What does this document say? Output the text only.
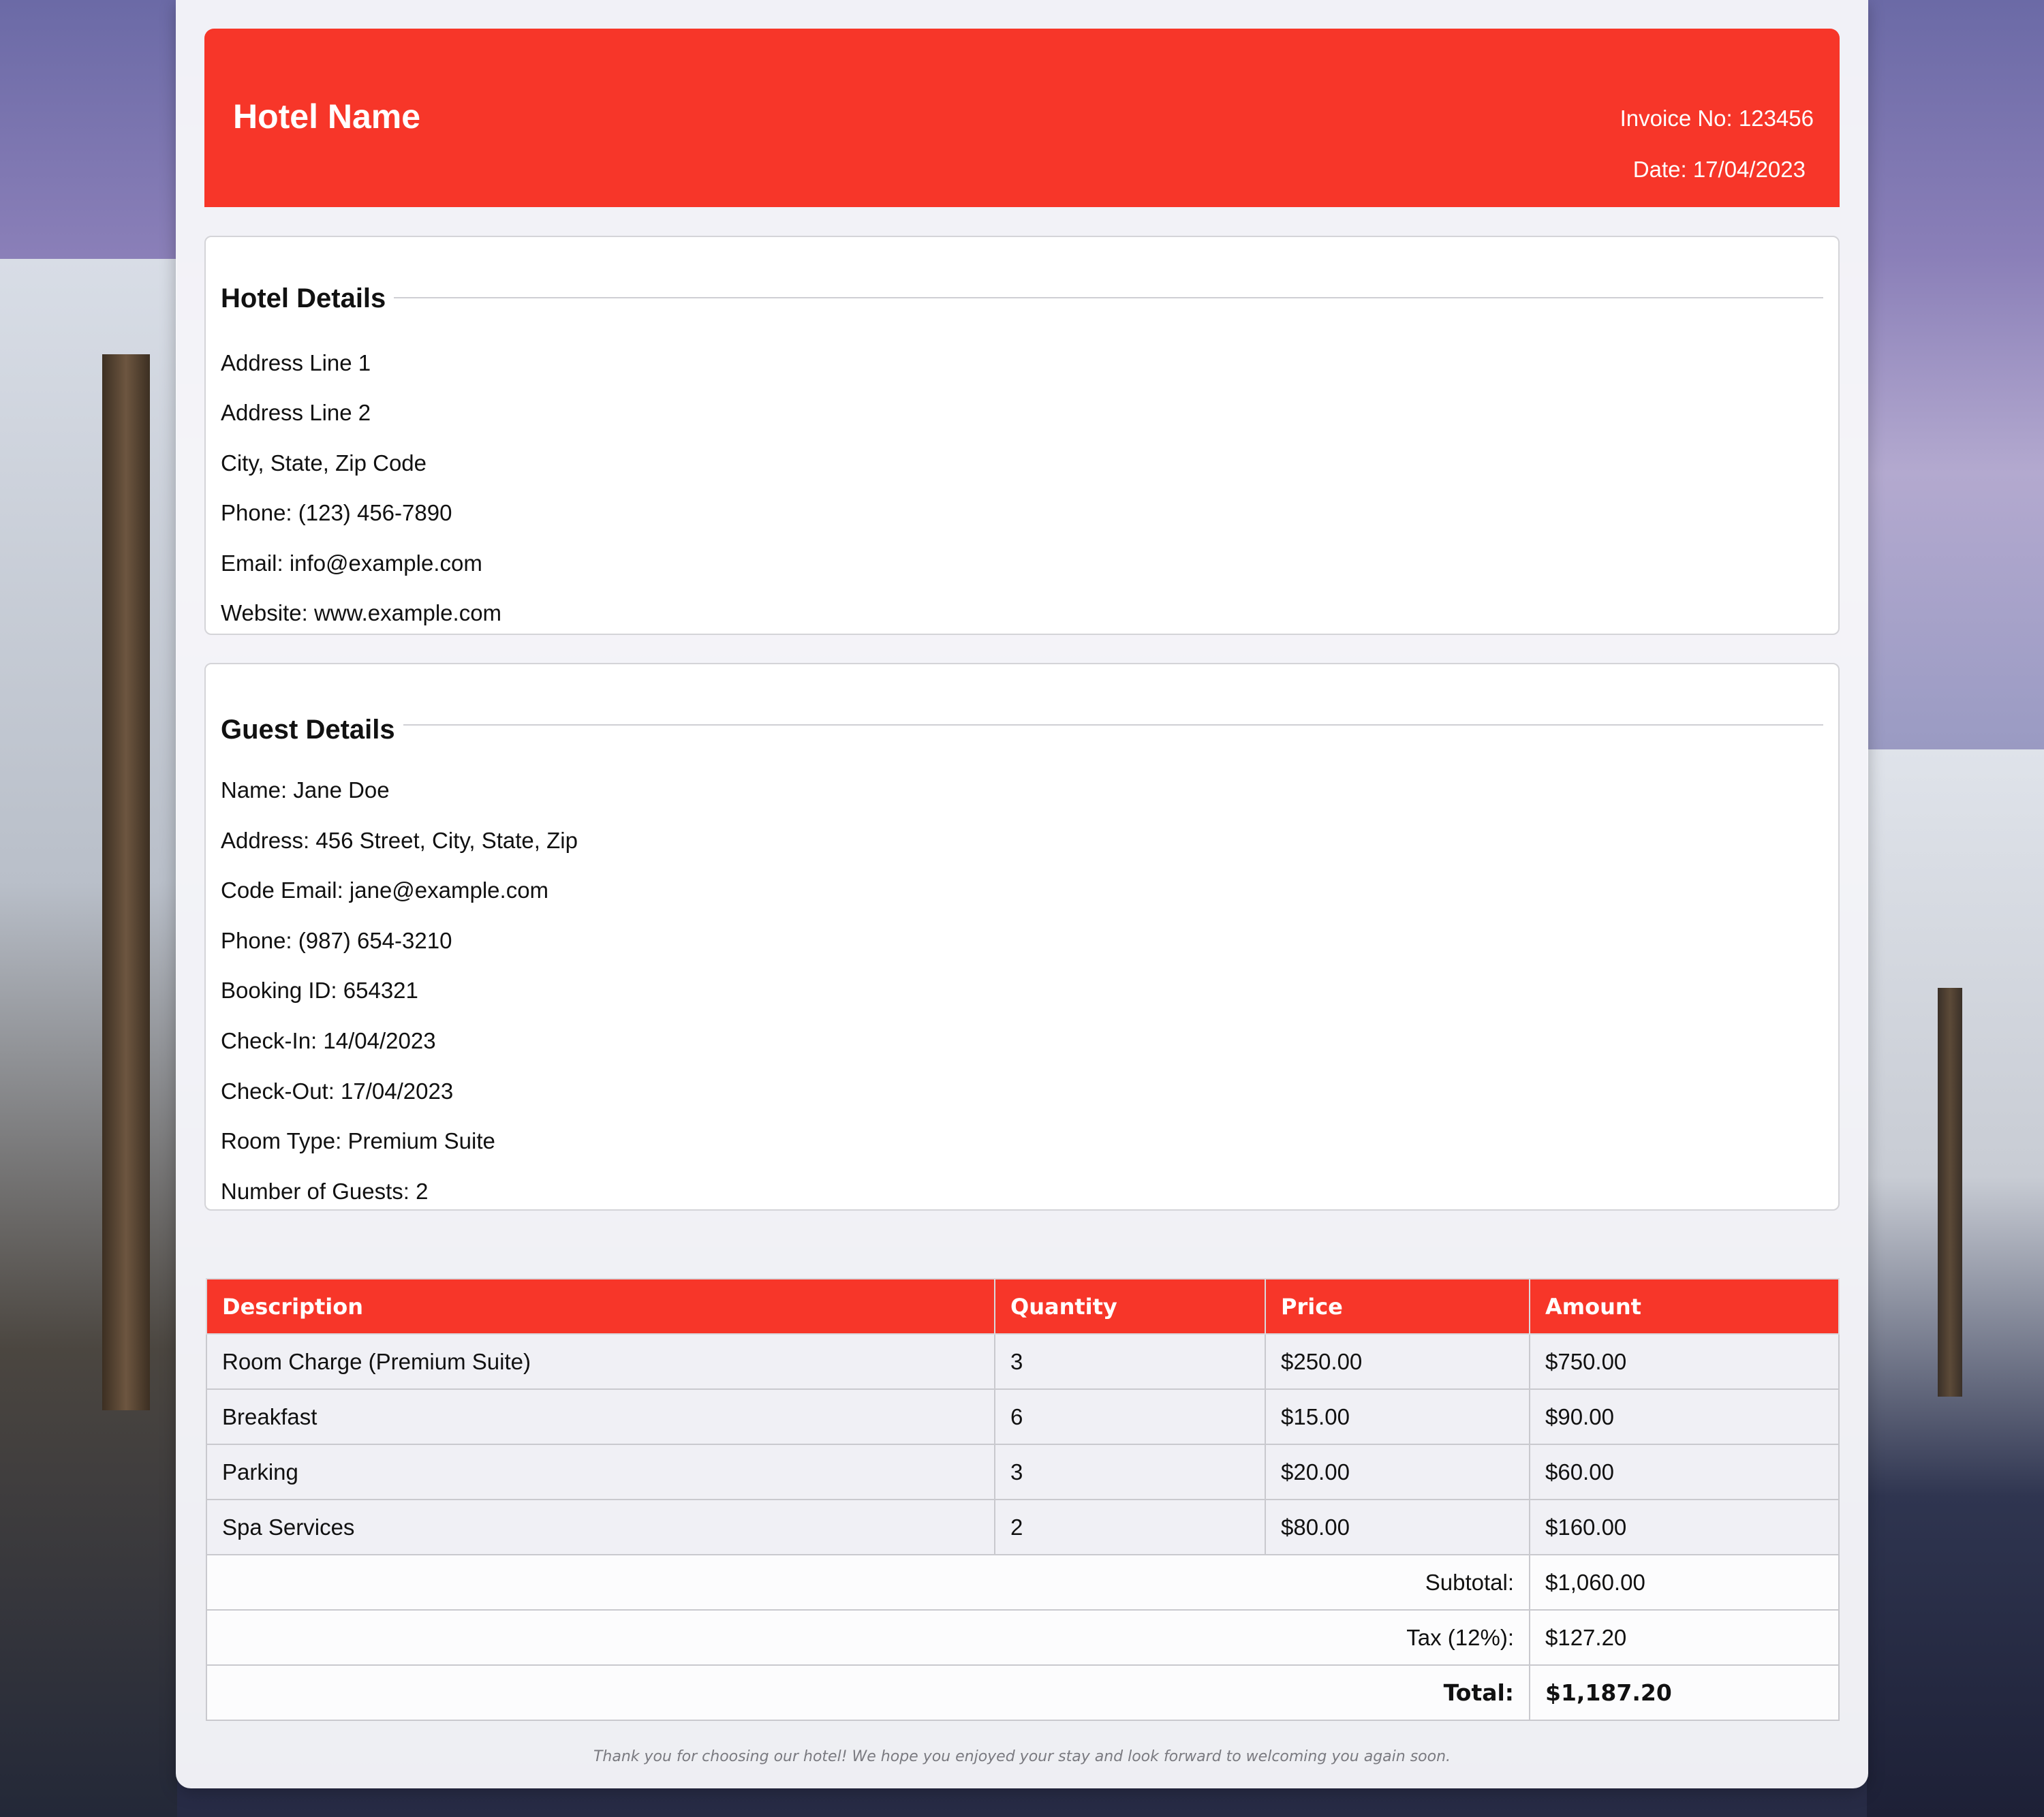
Hotel Name	Invoice No: 123456
Date: 17/04/2023
Hotel Details
Address Line 1
Address Line 2
City, State, Zip Code
Phone: (123) 456-7890
Email: info@example.com
Website: www.example.com
Guest Details
Name: Jane Doe
Address: 456 Street, City, State, Zip
Code Email: jane@example.com
Phone: (987) 654-3210
Booking ID: 654321
Check-In: 14/04/2023
Check-Out: 17/04/2023
Room Type: Premium Suite
Number of Guests: 2
Description	Quantity	Price	Amount
Room Charge (Premium Suite)	3	$250.00	$750.00
Breakfast	6	$15.00	$90.00
Parking	3	$20.00	$60.00
Spa Services	2	$80.00	$160.00
Subtotal:			$1,060.00
Tax (12%):			$127.20
Total:			$1,187.20
Thank you for choosing our hotel! We hope you enjoyed your stay and look forward to welcoming you again soon.
